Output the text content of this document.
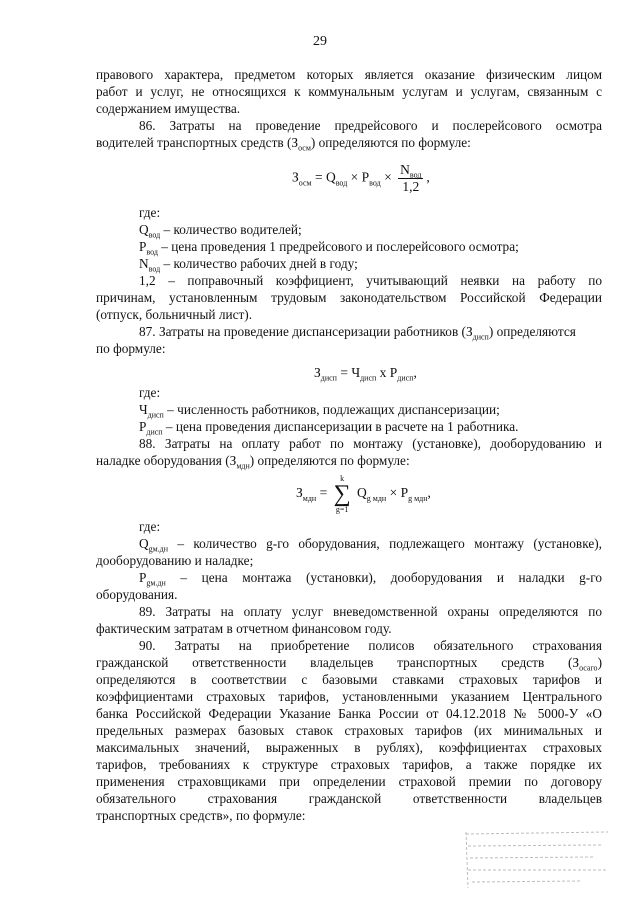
29
правового характера, предметом которых является оказание физическим лицом
работ и услуг, не относящихся к коммунальным услугам и услугам, связанным с
содержанием имущества.
86. Затраты на проведение предрейсового и послерейсового осмотра
водителей транспортных средств $(З_{осм})$ определяются по формуле:
$З_{осм} = Q_{вод} \times Р_{вод} \times \frac{N_{вод}}{1,2}$ ,
где:
$Q_{вод}$ – количество водителей;
$P_{вод}$ – цена проведения 1 предрейсового и послерейсового осмотра;
$N_{вод}$ – количество рабочих дней в году;
1,2 – поправочный коэффициент, учитывающий неявки на работу по
причинам, установленным трудовым законодательством Российской Федерации
(отпуск, больничный лист).
87. Затраты на проведение диспансеризации работников $(З_{дисп})$ определяются
по формуле:
$З_{дисп} = Ч_{дисп}$ х $Р_{дисп}$,
где:
$Ч_{дисп}$ – численность работников, подлежащих диспансеризации;
$Р_{дисп}$ – цена проведения диспансеризации в расчете на 1 работника.
88. Затраты на оплату работ по монтажу (установке), дооборудованию и
наладке оборудования $(З_{мдн})$ определяются по формуле:
$З_{мдн}$ =
k
∑
g=1
$Q_{g мдн} \times Р_{g мдн}$,
где:
$Q_{gм.дн}$ – количество g-го оборудования, подлежащего монтажу (установке),
дооборудованию и наладке;
$P_{gм.дн}$ – цена монтажа (установки), дооборудования и наладки g-го
оборудования.
89. Затраты на оплату услуг вневедомственной охраны определяются по
фактическим затратам в отчетном финансовом году.
90. Затраты на приобретение полисов обязательного страхования
гражданской ответственности владельцев транспортных средств $(З_{осаго})$
определяются в соответствии с базовыми ставками страховых тарифов и
коэффициентами страховых тарифов, установленными указанием Центрального
банка Российской Федерации Указание Банка России от 04.12.2018 № 5000-У «О
предельных размерах базовых ставок страховых тарифов (их минимальных и
максимальных значений, выраженных в рублях), коэффициентах страховых
тарифов, требованиях к структуре страховых тарифов, а также порядке их
применения страховщиками при определении страховой премии по договору
обязательного страхования гражданской ответственности владельцев
транспортных средств», по формуле:
